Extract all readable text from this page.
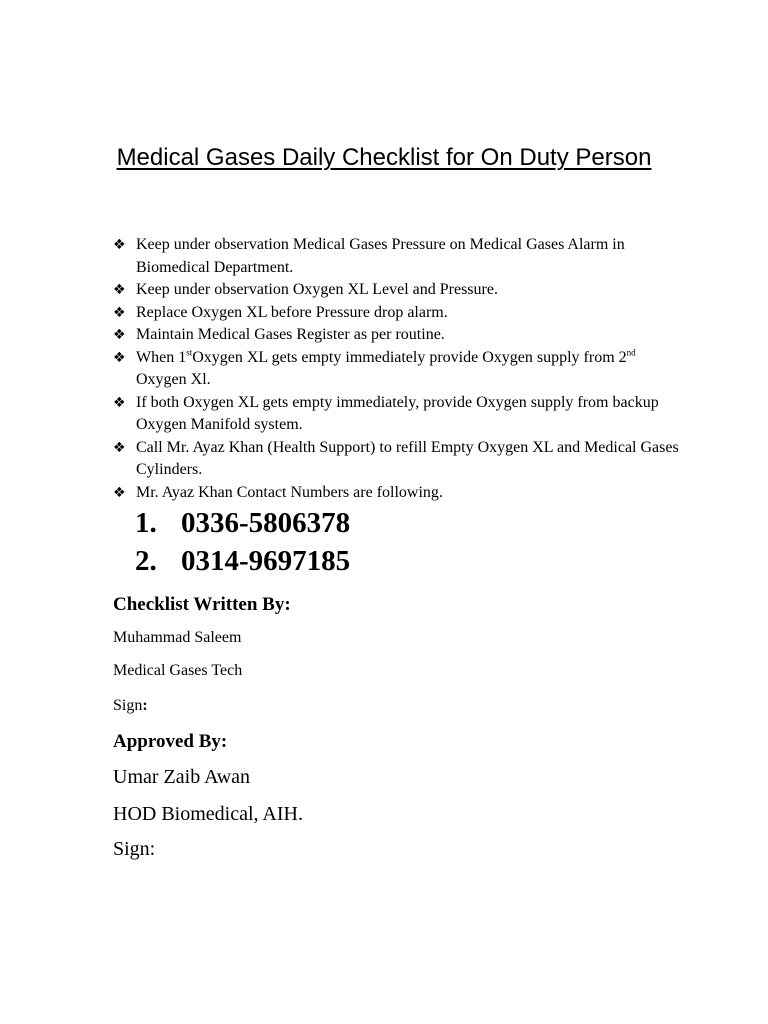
Medical Gases Daily Checklist for On Duty Person
❖ Keep under observation Medical Gases Pressure on Medical Gases Alarm in Biomedical Department.
❖ Keep under observation Oxygen XL Level and Pressure.
❖ Replace Oxygen XL before Pressure drop alarm.
❖ Maintain Medical Gases Register as per routine.
❖ When 1stOxygen XL gets empty immediately provide Oxygen supply from 2nd Oxygen Xl.
❖ If both Oxygen XL gets empty immediately, provide Oxygen supply from backup Oxygen Manifold system.
❖ Call Mr. Ayaz Khan (Health Support) to refill Empty Oxygen XL and Medical Gases Cylinders.
❖ Mr. Ayaz Khan Contact Numbers are following.
1. 0336-5806378
2. 0314-9697185
Checklist Written By:
Muhammad Saleem
Medical Gases Tech
Sign:
Approved By:
Umar Zaib Awan
HOD Biomedical, AIH.
Sign:
